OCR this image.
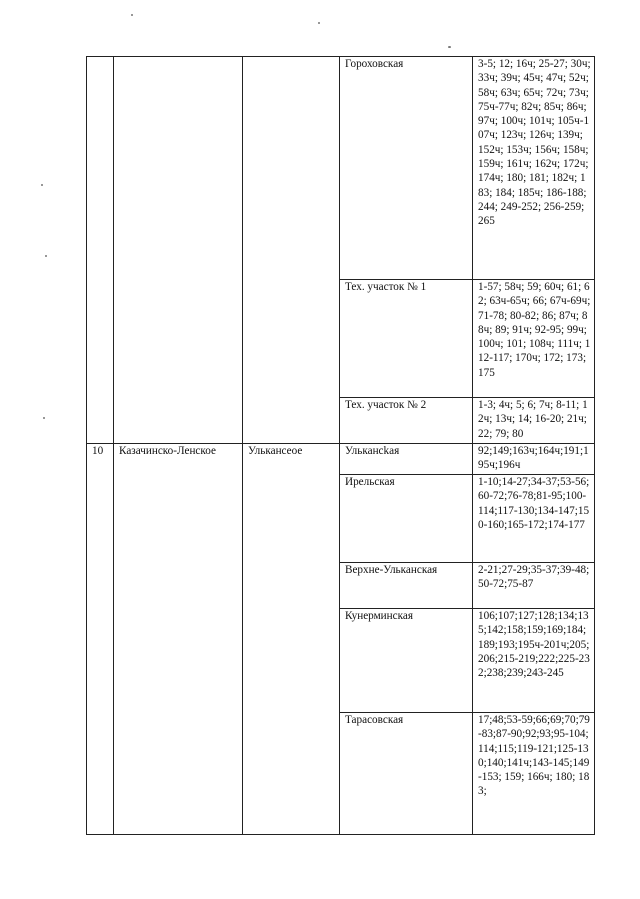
			Гороховская	3-5; 12; 16ч; 25-27; 30ч; 33ч; 39ч; 45ч; 47ч; 52ч; 58ч; 63ч; 65ч; 72ч; 73ч; 75ч-77ч; 82ч; 85ч; 86ч; 97ч; 100ч; 101ч; 105ч-107ч; 123ч; 126ч; 139ч; 152ч; 153ч; 156ч; 158ч; 159ч; 161ч; 162ч; 172ч; 174ч; 180; 181; 182ч; 183; 184; 185ч; 186-188; 244; 249-252; 256-259; 265
			Тех. участок № 1	1-57; 58ч; 59; 60ч; 61; 62; 63ч-65ч; 66; 67ч-69ч; 71-78; 80-82; 86; 87ч; 88ч; 89; 91ч; 92-95; 99ч; 100ч; 101; 108ч; 111ч; 112-117; 170ч; 172; 173; 175
			Тех. участок № 2	1-3; 4ч; 5; 6; 7ч; 8-11; 12ч; 13ч; 14; 16-20; 21ч; 22; 79; 80
10	Казачинско-Ленское	Улькансеое	Улькансkая	92;149;163ч;164ч;191;195ч;196ч
			Ирельская	1-10;14-27;34-37;53-56;60-72;76-78;81-95;100-114;117-130;134-147;150-160;165-172;174-177
			Верхне-Ульканская	2-21;27-29;35-37;39-48;50-72;75-87
			Кунерминская	106;107;127;128;134;135;142;158;159;169;184;189;193;195ч-201ч;205;206;215-219;222;225-232;238;239;243-245
			Тарасовская	17;48;53-59;66;69;70;79-83;87-90;92;93;95-104;114;115;119-121;125-130;140;141ч;143-145;149-153; 159; 166ч; 180; 183;
